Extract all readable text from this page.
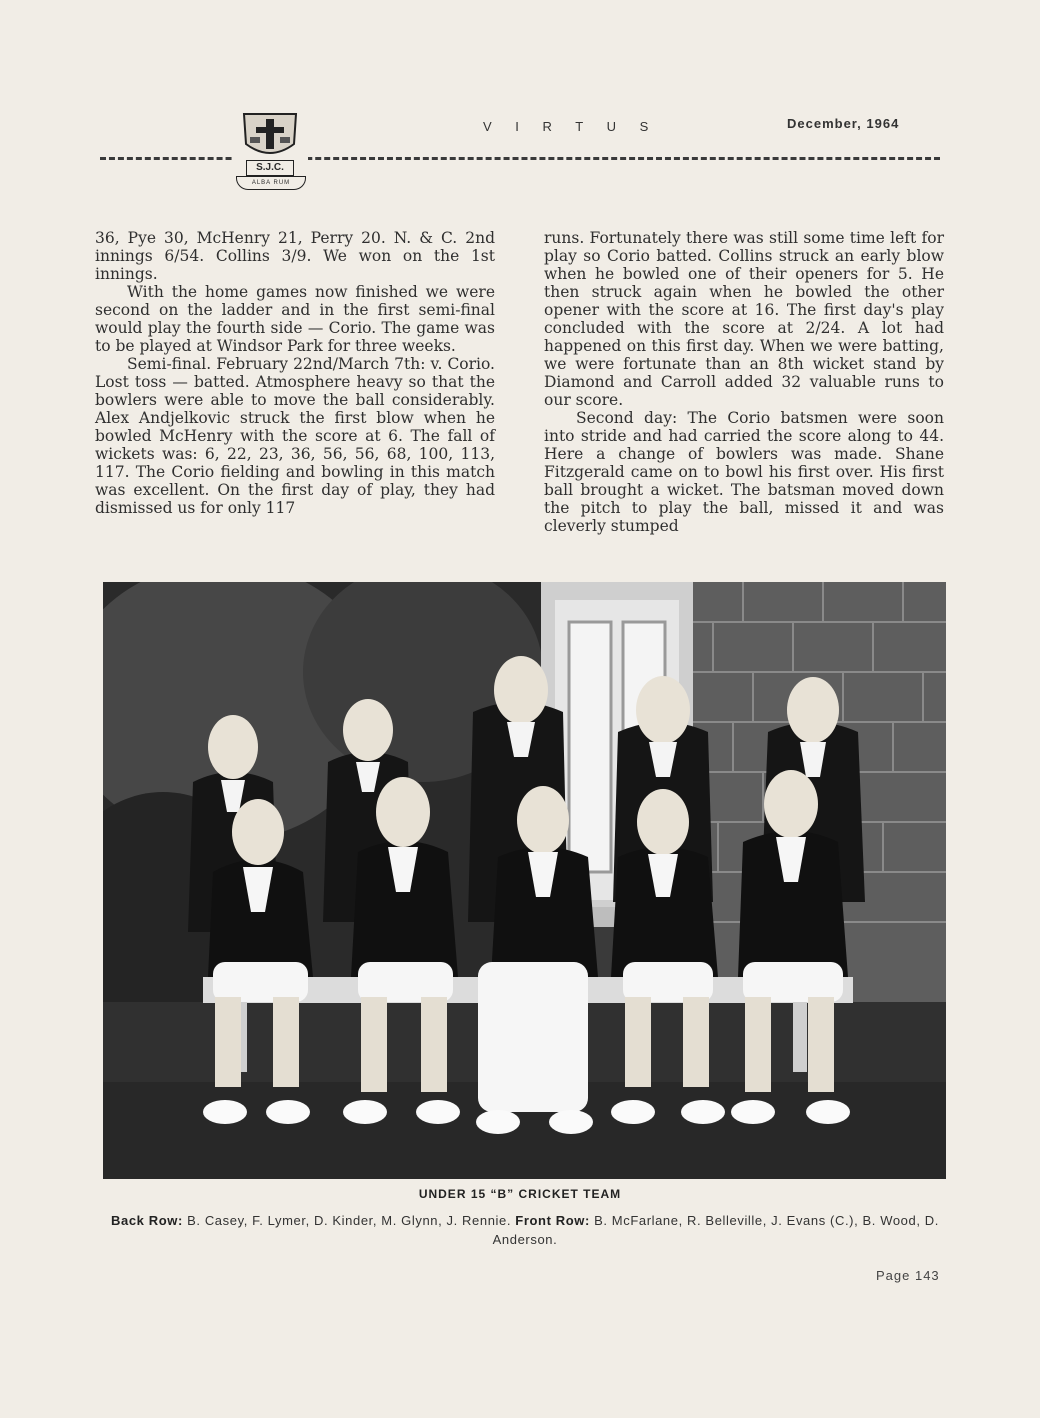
S.J.C.
ALBA RUM
V I R T U S	December, 1964

36, Pye 30, McHenry 21, Perry 20. N. & C. 2nd innings 6/54. Collins 3/9. We won on the 1st innings.

With the home games now finished we were second on the ladder and in the first semi-final would play the fourth side — Corio. The game was to be played at Windsor Park for three weeks.

Semi-final. February 22nd/March 7th: v. Corio. Lost toss — batted. Atmosphere heavy so that the bowlers were able to move the ball considerably. Alex Andjelkovic struck the first blow when he bowled McHenry with the score at 6. The fall of wickets was: 6, 22, 23, 36, 56, 56, 68, 100, 113, 117. The Corio fielding and bowling in this match was excellent. On the first day of play, they had dismissed us for only 117

runs. Fortunately there was still some time left for play so Corio batted. Collins struck an early blow when he bowled one of their openers for 5. He then struck again when he bowled the other opener with the score at 16. The first day's play concluded with the score at 2/24. A lot had happened on this first day. When we were batting, we were fortunate than an 8th wicket stand by Diamond and Carroll added 32 valuable runs to our score.

Second day: The Corio batsmen were soon into stride and had carried the score along to 44. Here a change of bowlers was made. Shane Fitzgerald came on to bowl his first over. His first ball brought a wicket. The batsman moved down the pitch to play the ball, missed it and was cleverly stumped

UNDER 15 “B” CRICKET TEAM
Back Row: B. Casey, F. Lymer, D. Kinder, M. Glynn, J. Rennie. Front Row: B. McFarlane, R. Belleville, J. Evans (C.), B. Wood, D. Anderson.
Page 143
